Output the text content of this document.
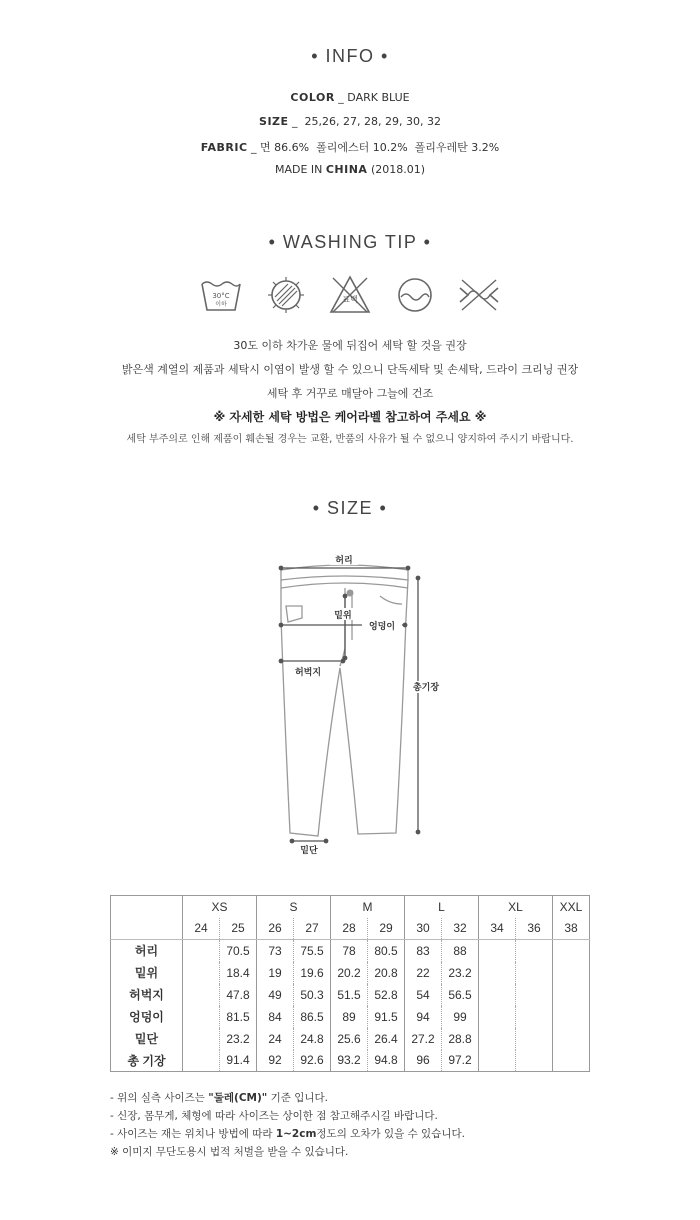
• INFO •
COLOR _ DARK BLUE
SIZE _  25,26, 27, 28, 29, 30, 32
FABRIC _ 면 86.6%  폴리에스터 10.2%  폴리우레탄 3.2%
MADE IN CHINA (2018.01)
• WASHING TIP •
30°C
이하
표백
30도 이하 차가운 물에 뒤집어 세탁 할 것을 권장
밝은색 계열의 제품과 세탁시 이염이 발생 할 수 있으니 단독세탁 및 손세탁, 드라이 크리닝 권장
세탁 후 거꾸로 매달아 그늘에 건조
※ 자세한 세탁 방법은 케어라벨 참고하여 주세요 ※
세탁 부주의로 인해 제품이 훼손될 경우는 교환, 반품의 사유가 될 수 없으니 양지하여 주시기 바랍니다.
• SIZE •
허리
밑위
엉덩이
허벅지
총기장
밑단
	XS		S		M		L		XL		XXL
	24	25	26	27	28	29	30	32	34	36	38
허리		70.5	73	75.5	78	80.5	83	88			
밑위		18.4	19	19.6	20.2	20.8	22	23.2			
허벅지		47.8	49	50.3	51.5	52.8	54	56.5			
엉덩이		81.5	84	86.5	89	91.5	94	99			
밑단		23.2	24	24.8	25.6	26.4	27.2	28.8			
총 기장		91.4	92	92.6	93.2	94.8	96	97.2			
- 위의 실측 사이즈는 "둘레(CM)" 기준 입니다.
- 신장, 몸무게, 체형에 따라 사이즈는 상이한 점 참고해주시길 바랍니다.
- 사이즈는 재는 위치나 방법에 따라 1~2cm정도의 오차가 있을 수 있습니다.
※ 이미지 무단도용시 법적 처벌을 받을 수 있습니다.
